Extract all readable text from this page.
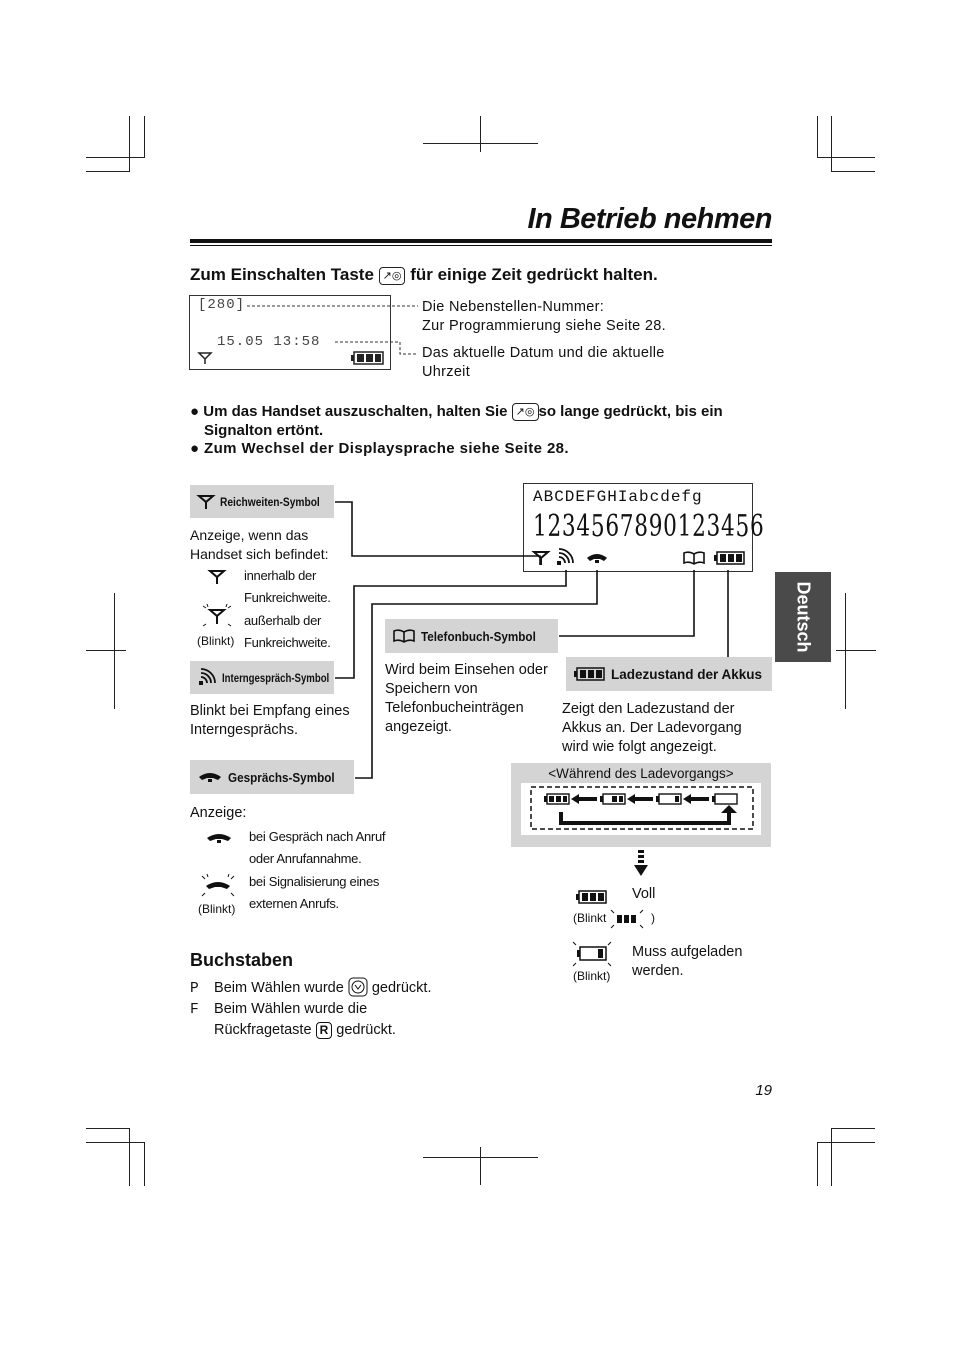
In Betrieb nehmen
Deutsch
Zum Einschalten Taste ↗◎ für einige Zeit gedrückt halten.
[280]
15.05 13:58
Die Nebenstellen-Nummer:
Zur Programmierung siehe Seite 28.
Das aktuelle Datum und die aktuelle
Uhrzeit
● Um das Handset auszuschalten, halten Sie ↗◎ so lange gedrückt, bis ein
Signalton ertönt.
● Zum Wechsel der Displaysprache siehe Seite 28.
ABCDEFGHIabcdefg
1234567890123456
Reichweiten-Symbol
Anzeige, wenn das
Handset sich befindet:
innerhalb der
Funkreichweite.
(Blinkt)
außerhalb der
Funkreichweite.
Interngespräch-Symbol
Blinkt bei Empfang eines
Interngesprächs.
Gesprächs-Symbol
Anzeige:
bei Gespräch nach Anruf
oder Anrufannahme.
(Blinkt)
bei Signalisierung eines
externen Anrufs.
Telefonbuch-Symbol
Wird beim Einsehen oder
Speichern von
Telefonbucheinträgen
angezeigt.
Ladezustand der Akkus
Zeigt den Ladezustand der
Akkus an. Der Ladevorgang
wird wie folgt angezeigt.
<Während des Ladevorgangs>
Voll
(Blinkt	)
(Blinkt)
Muss aufgeladen
werden.
Buchstaben
P Beim Wählen wurde gedrückt.
F Beim Wählen wurde die
Rückfragetaste R gedrückt.
19
